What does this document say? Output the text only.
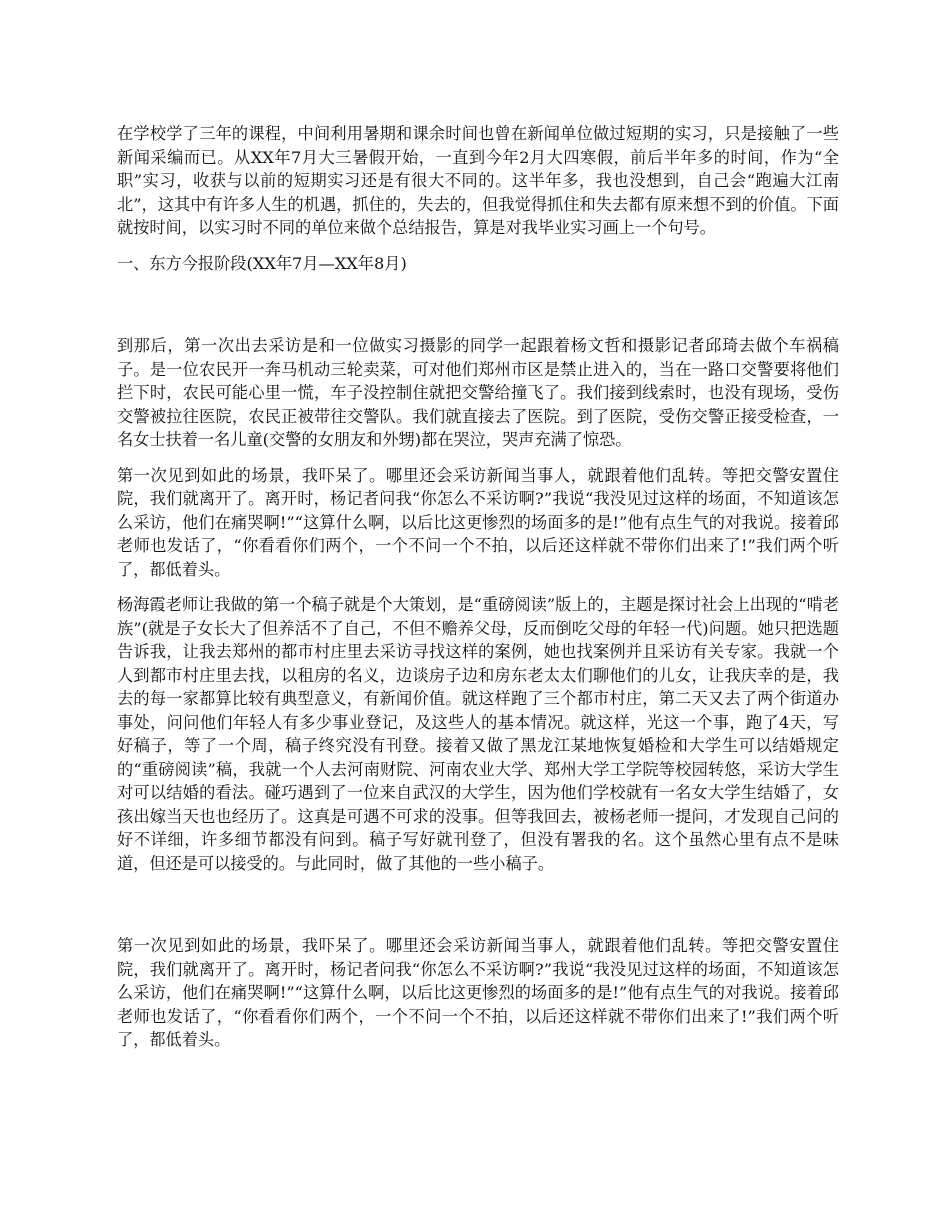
在学校学了三年的课程，中间利用暑期和课余时间也曾在新闻单位做过短期的实习，只是接触了一些新闻采编而已。从XX年7月大三暑假开始，一直到今年2月大四寒假，前后半年多的时间，作为“全职”实习，收获与以前的短期实习还是有很大不同的。这半年多，我也没想到，自己会“跑遍大江南北”，这其中有许多人生的机遇，抓住的，失去的，但我觉得抓住和失去都有原来想不到的价值。下面就按时间，以实习时不同的单位来做个总结报告，算是对我毕业实习画上一个句号。

一、东方今报阶段(XX年7月—XX年8月)

到那后，第一次出去采访是和一位做实习摄影的同学一起跟着杨文哲和摄影记者邱琦去做个车祸稿子。是一位农民开一奔马机动三轮卖菜，可对他们郑州市区是禁止进入的，当在一路口交警要将他们拦下时，农民可能心里一慌，车子没控制住就把交警给撞飞了。我们接到线索时，也没有现场，受伤交警被拉往医院，农民正被带往交警队。我们就直接去了医院。到了医院，受伤交警正接受检查，一名女士扶着一名儿童(交警的女朋友和外甥)都在哭泣，哭声充满了惊恐。

第一次见到如此的场景，我吓呆了。哪里还会采访新闻当事人，就跟着他们乱转。等把交警安置住院，我们就离开了。离开时，杨记者问我“你怎么不采访啊?”我说“我没见过这样的场面，不知道该怎么采访，他们在痛哭啊!”“这算什么啊，以后比这更惨烈的场面多的是!”他有点生气的对我说。接着邱老师也发话了，“你看看你们两个，一个不问一个不拍，以后还这样就不带你们出来了!”我们两个听了，都低着头。

杨海霞老师让我做的第一个稿子就是个大策划，是“重磅阅读”版上的，主题是探讨社会上出现的“啃老族”(就是子女长大了但养活不了自己，不但不赡养父母，反而倒吃父母的年轻一代)问题。她只把选题告诉我，让我去郑州的都市村庄里去采访寻找这样的案例，她也找案例并且采访有关专家。我就一个人到都市村庄里去找，以租房的名义，边谈房子边和房东老太太们聊他们的儿女，让我庆幸的是，我去的每一家都算比较有典型意义，有新闻价值。就这样跑了三个都市村庄，第二天又去了两个街道办事处，问问他们年轻人有多少事业登记，及这些人的基本情况。就这样，光这一个事，跑了4天，写好稿子，等了一个周，稿子终究没有刊登。接着又做了黑龙江某地恢复婚检和大学生可以结婚规定的“重磅阅读”稿，我就一个人去河南财院、河南农业大学、郑州大学工学院等校园转悠，采访大学生对可以结婚的看法。碰巧遇到了一位来自武汉的大学生，因为他们学校就有一名女大学生结婚了，女孩出嫁当天也也经历了。这真是可遇不可求的没事。但等我回去，被杨老师一提问，才发现自己问的好不详细，许多细节都没有问到。稿子写好就刊登了，但没有署我的名。这个虽然心里有点不是味道，但还是可以接受的。与此同时，做了其他的一些小稿子。

第一次见到如此的场景，我吓呆了。哪里还会采访新闻当事人，就跟着他们乱转。等把交警安置住院，我们就离开了。离开时，杨记者问我“你怎么不采访啊?”我说“我没见过这样的场面，不知道该怎么采访，他们在痛哭啊!”“这算什么啊，以后比这更惨烈的场面多的是!”他有点生气的对我说。接着邱老师也发话了，“你看看你们两个，一个不问一个不拍，以后还这样就不带你们出来了!”我们两个听了，都低着头。
